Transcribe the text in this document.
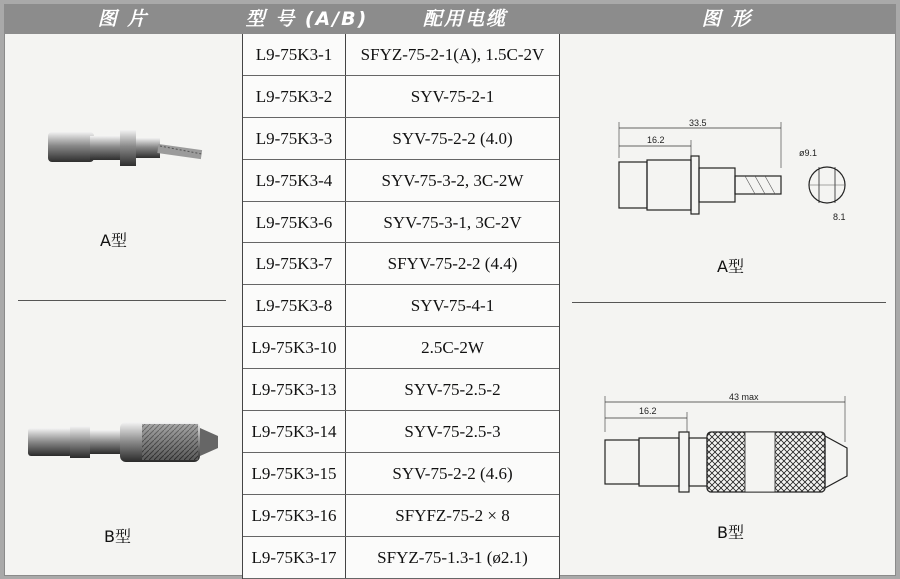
图 片	型 号 (A/B)	配用电缆	图 形
L9-75K3-1	SFYZ-75-2-1(A), 1.5C-2V
L9-75K3-2	SYV-75-2-1
L9-75K3-3	SYV-75-2-2 (4.0)
L9-75K3-4	SYV-75-3-2, 3C-2W
L9-75K3-6	SYV-75-3-1, 3C-2V
L9-75K3-7	SFYV-75-2-2 (4.4)
L9-75K3-8	SYV-75-4-1
L9-75K3-10	2.5C-2W
L9-75K3-13	SYV-75-2.5-2
L9-75K3-14	SYV-75-2.5-3
L9-75K3-15	SYV-75-2-2 (4.6)
L9-75K3-16	SFYFZ-75-2 × 8
L9-75K3-17	SFYZ-75-1.3-1 (ø2.1)
A型
B型
33.5
16.2
ø9.1
8.1
A型
43 max
16.2
B型
